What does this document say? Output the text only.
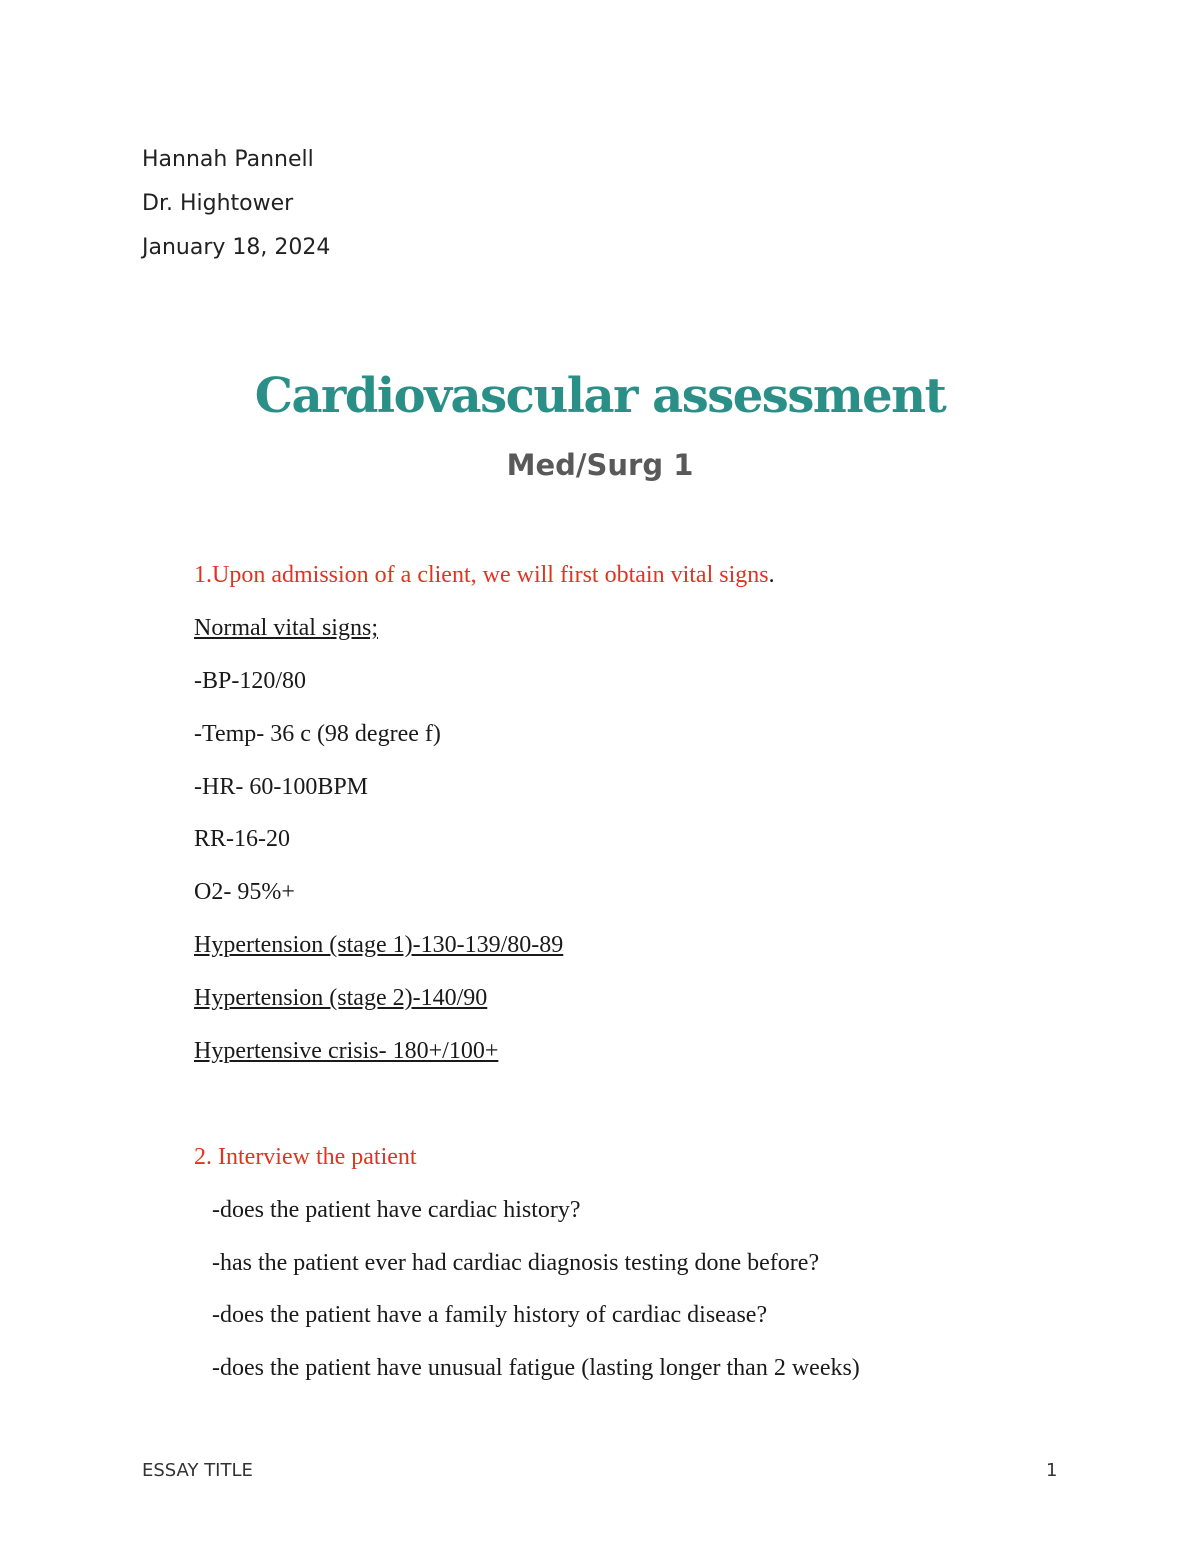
Hannah Pannell
Dr. Hightower
January 18, 2024
Cardiovascular assessment
Med/Surg 1
1.Upon admission of a client, we will first obtain vital signs.
Normal vital signs;
-BP-120/80
-Temp- 36 c (98 degree f)
-HR- 60-100BPM
RR-16-20
O2- 95%+
Hypertension (stage 1)-130-139/80-89
Hypertension (stage 2)-140/90
Hypertensive crisis- 180+/100+
2. Interview the patient
-does the patient have cardiac history?
-has the patient ever had cardiac diagnosis testing done before?
-does the patient have a family history of cardiac disease?
-does the patient have unusual fatigue (lasting longer than 2 weeks)
ESSAY TITLE	1
